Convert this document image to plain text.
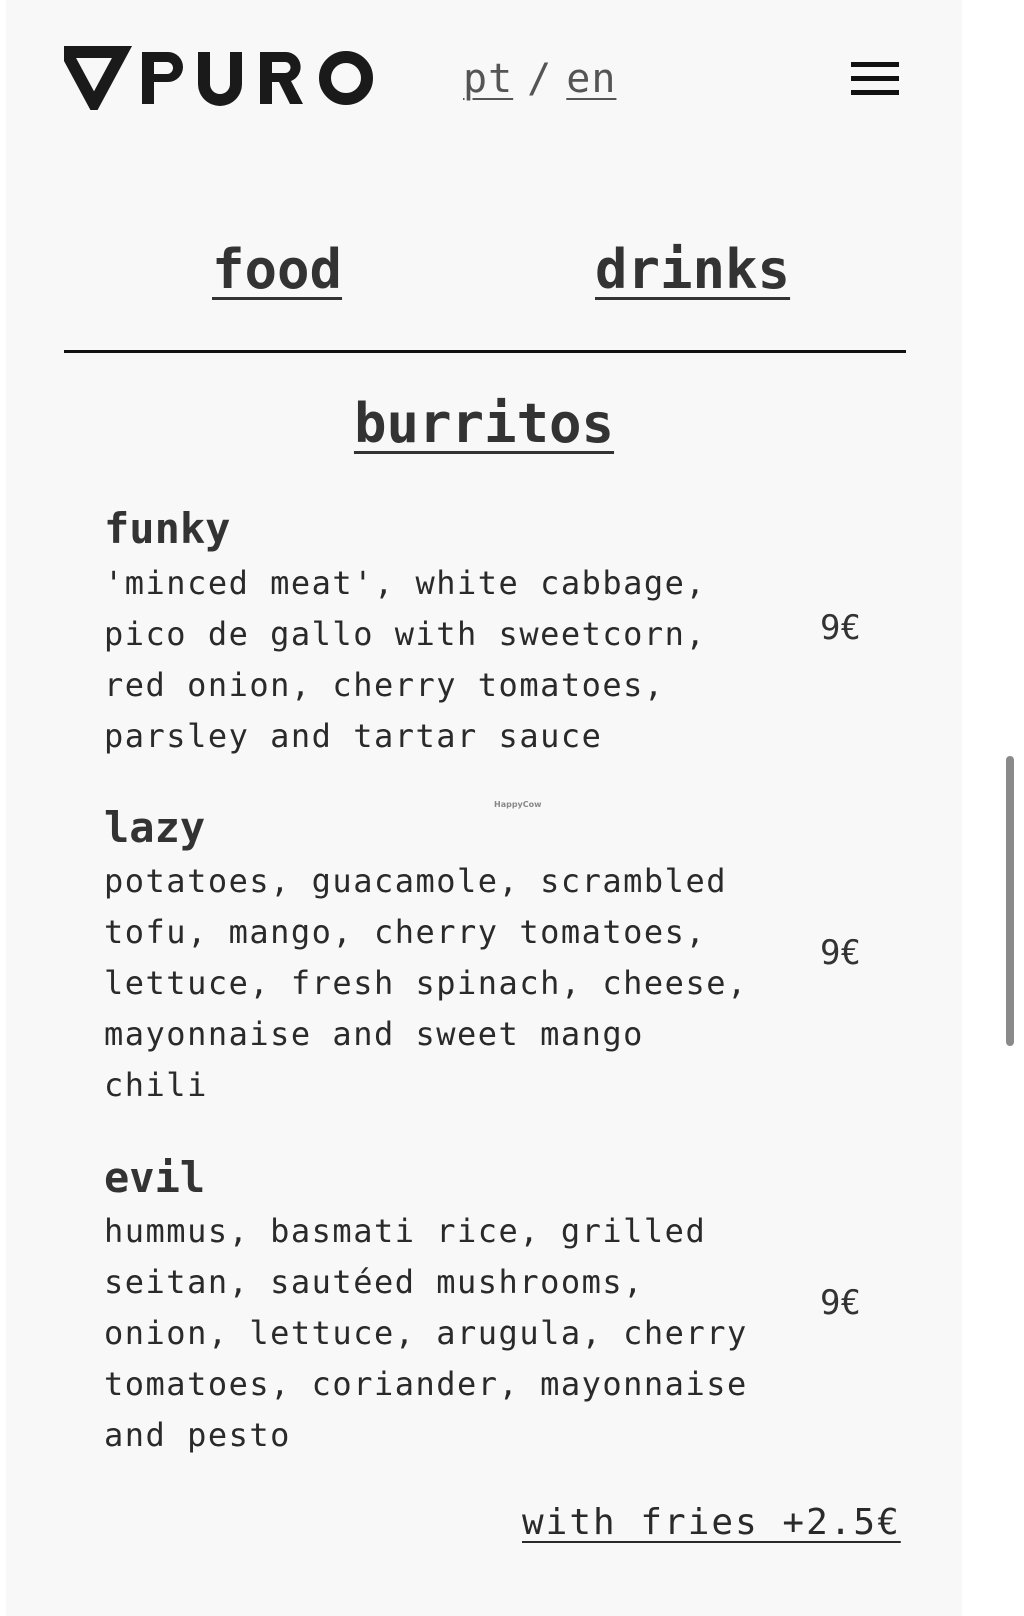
pt / en
food	drinks
burritos
funky

'minced meat', white cabbage, pico de gallo with sweetcorn, red onion, cherry tomatoes, parsley and tartar sauce

9€
lazy

potatoes, guacamole, scrambled tofu, mango, cherry tomatoes, lettuce, fresh spinach, cheese, mayonnaise and sweet mango chili

9€
evil

hummus, basmati rice, grilled seitan, sautéed mushrooms, onion, lettuce, arugula, cherry tomatoes, coriander, mayonnaise and pesto

9€
HappyCow
with fries +2.5€
